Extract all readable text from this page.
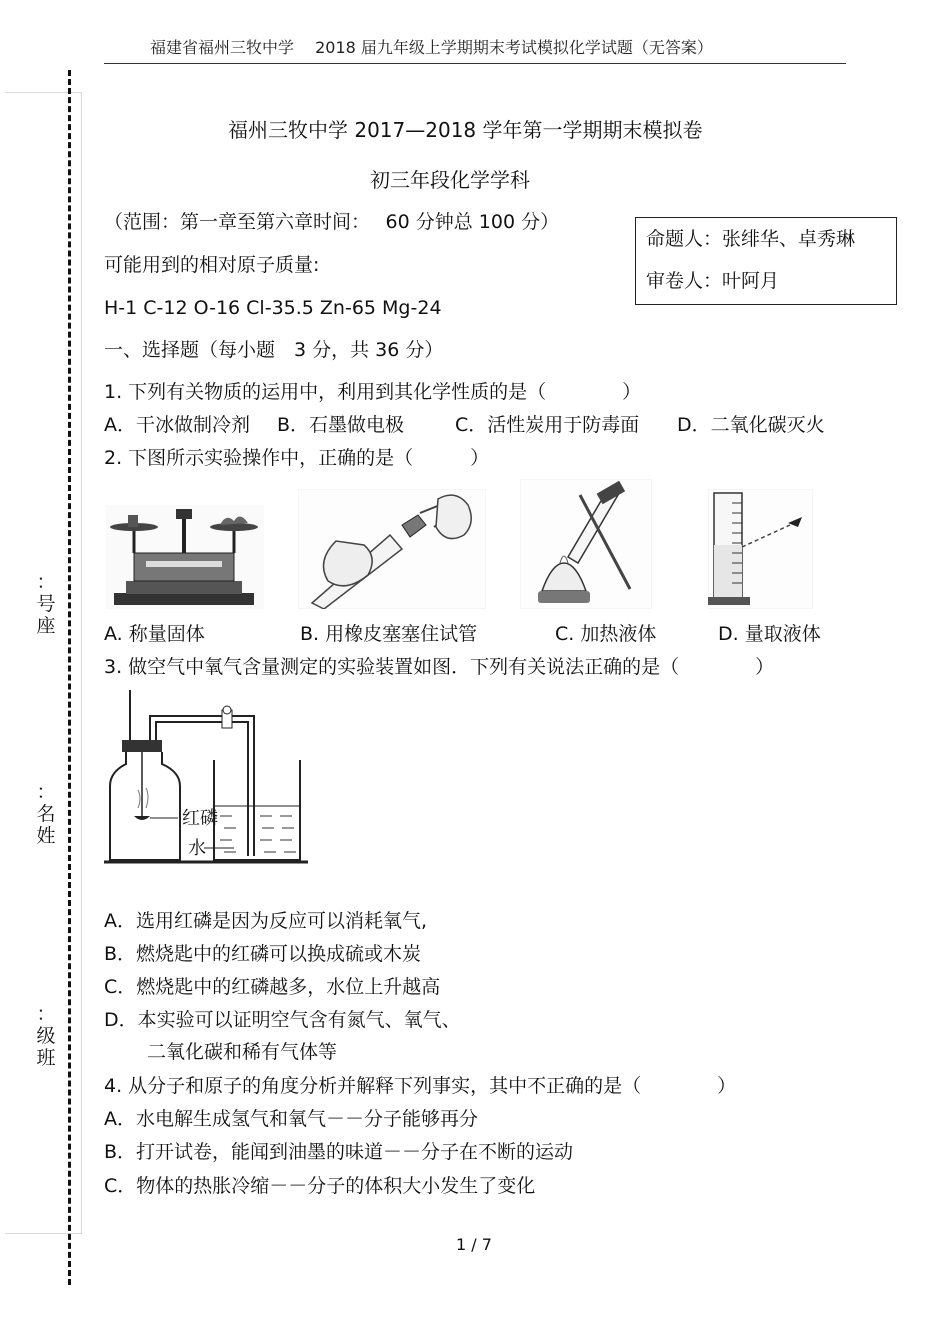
福建省福州三牧中学　 2018 届九年级上学期期末考试模拟化学试题（无答案）
：号座
：名姓
：级班
福州三牧中学 2017—2018 学年第一学期期末模拟卷
初三年段化学学科
（范围：第一章至第六章时间：　 60 分钟总 100 分）
命题人：张绯华、卓秀琳
审卷人：叶阿月
可能用到的相对原子质量:
H-1 C-12 O-16 Cl-35.5 Zn-65 Mg-24
一、选择题（每小题　3 分，共 36 分）
1. 下列有关物质的运用中，利用到其化学性质的是（　　　　）
A．干冰做制冷剂 B．石墨做电极	C．活性炭用于防毒面 D．二氧化碳灭火
2. 下图所示实验操作中，正确的是（　　　）
A. 称量固体	B. 用橡皮塞塞住试管	C. 加热液体	D. 量取液体
3. 做空气中氧气含量测定的实验装置如图．下列有关说法正确的是（　　　　）
红磷
水
A．选用红磷是因为反应可以消耗氧气,
B．燃烧匙中的红磷可以换成硫或木炭
C．燃烧匙中的红磷越多，水位上升越高
D．本实验可以证明空气含有氮气、氧气、
二氧化碳和稀有气体等
4. 从分子和原子的角度分析并解释下列事实，其中不正确的是（　　　　）
A．水电解生成氢气和氧气－－分子能够再分
B．打开试卷，能闻到油墨的味道－－分子在不断的运动
C．物体的热胀冷缩－－分子的体积大小发生了变化
1 / 7
